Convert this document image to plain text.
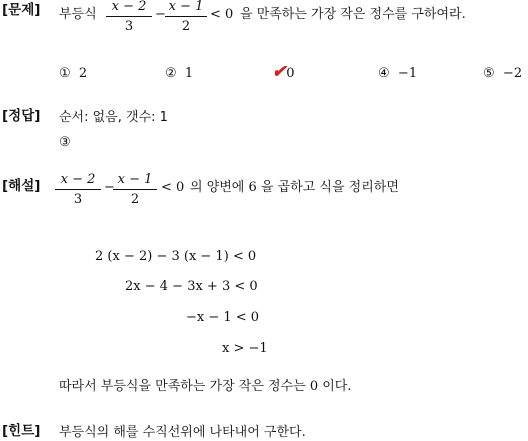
[문제] 부등식
x − 2
3
−
x − 1
2
< 0 을 만족하는 가장 작은 정수를 구하여라.
① 2	② 1	✔0	④ −1	⑤ −2
[정답] 순서: 없음, 갯수: 1
③
[해설]	x − 2
3
−
x − 1
2
< 0 의 양변에 6 을 곱하고 식을 정리하면
2 (x − 2) − 3 (x − 1) < 0
2x − 4 − 3x + 3 < 0
−x − 1 < 0
x > −1
따라서 부등식을 만족하는 가장 작은 정수는 0 이다.
[힌트] 부등식의 해를 수직선위에 나타내어 구한다.
